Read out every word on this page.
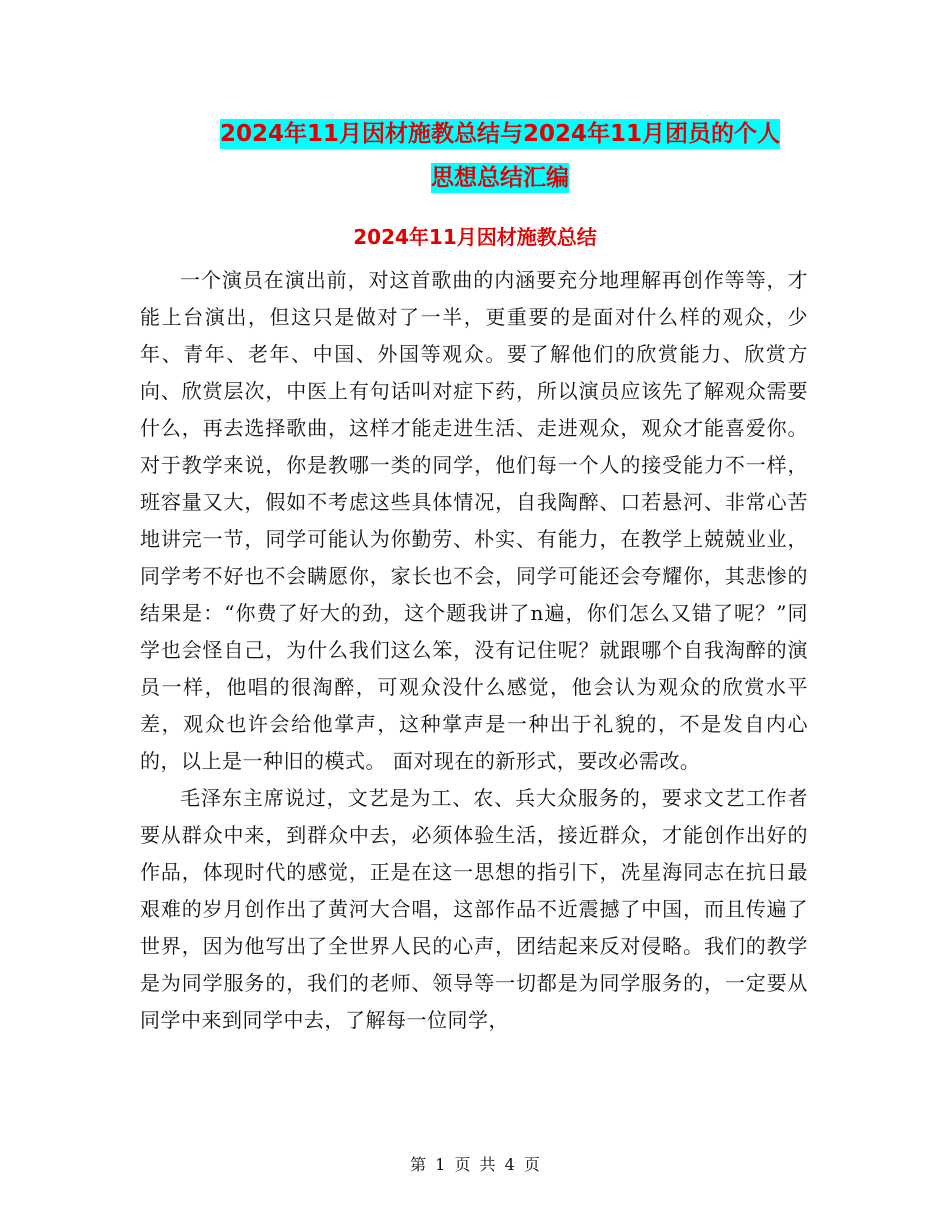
2024年11月因材施教总结与2024年11月团员的个人
思想总结汇编
2024年11月因材施教总结

一个演员在演出前，对这首歌曲的内涵要充分地理解再创作等等，才能上台演出，但这只是做对了一半，更重要的是面对什么样的观众，少年、青年、老年、中国、外国等观众。要了解他们的欣赏能力、欣赏方向、欣赏层次，中医上有句话叫对症下药，所以演员应该先了解观众需要什么，再去选择歌曲，这样才能走进生活、走进观众，观众才能喜爱你。对于教学来说，你是教哪一类的同学，他们每一个人的接受能力不一样，班容量又大，假如不考虑这些具体情况，自我陶醉、口若悬河、非常心苦地讲完一节，同学可能认为你勤劳、朴实、有能力，在教学上兢兢业业，同学考不好也不会瞒愿你，家长也不会，同学可能还会夸耀你，其悲惨的结果是：“你费了好大的劲，这个题我讲了n遍，你们怎么又错了呢？”同学也会怪自己，为什么我们这么笨，没有记住呢？就跟哪个自我淘醉的演员一样，他唱的很淘醉，可观众没什么感觉，他会认为观众的欣赏水平差，观众也许会给他掌声，这种掌声是一种出于礼貌的，不是发自内心的，以上是一种旧的模式。 面对现在的新形式，要改必需改。

毛泽东主席说过，文艺是为工、农、兵大众服务的，要求文艺工作者要从群众中来，到群众中去，必须体验生活，接近群众，才能创作出好的作品，体现时代的感觉，正是在这一思想的指引下，冼星海同志在抗日最艰难的岁月创作出了黄河大合唱，这部作品不近震撼了中国，而且传遍了世界，因为他写出了全世界人民的心声，团结起来反对侵略。我们的教学是为同学服务的，我们的老师、领导等一切都是为同学服务的，一定要从同学中来到同学中去，了解每一位同学，

第 1 页 共 4 页
